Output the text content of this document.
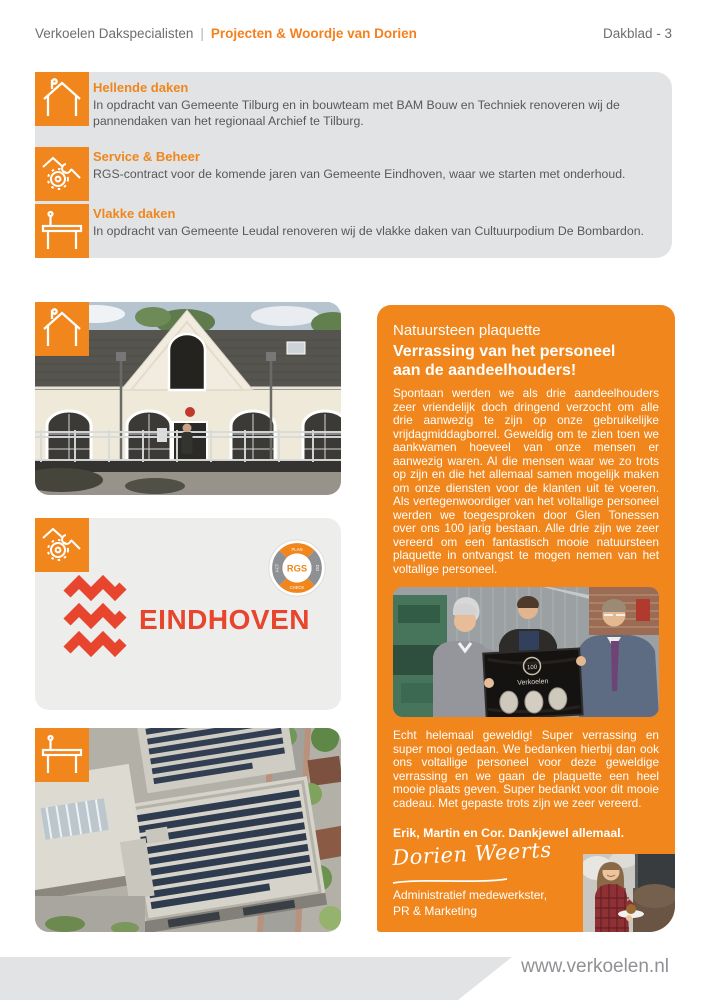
Verkoelen Dakspecialisten | Projecten & Woordje van Dorien	Dakblad - 3
Hellende daken
In opdracht van Gemeente Tilburg en in bouwteam met BAM Bouw en Techniek renoveren wij de pannendaken van het regionaal Archief te Tilburg.
Service & Beheer
RGS-contract voor de komende jaren van Gemeente Eindhoven, waar we starten met onderhoud.
Vlakke daken
In opdracht van Gemeente Leudal renoveren wij de vlakke daken van Cultuurpodium De Bombardon.
EINDHOVEN
RGS
PLAN
DO
CHECK
ACT
Natuursteen plaquette
Verrassing van het personeel
aan de aandeelhouders!
Spontaan werden we als drie aandeelhouders zeer vriendelijk doch dringend verzocht om alle drie aanwezig te zijn op onze gebruikelijke vrijdagmiddagborrel. Geweldig om te zien toen we aankwamen hoeveel van onze mensen er aanwezig waren. Al die mensen waar we zo trots op zijn en die het allemaal samen mogelijk maken om onze diensten voor de klanten uit te voeren. Als vertegenwoordiger van het voltallige personeel werden we toegesproken door Glen Tonessen over ons 100 jarig bestaan. Alle drie zijn we zeer vereerd om een fantastisch mooie natuursteen plaquette in ontvangst te mogen nemen van het voltallige personeel.
100
Verkoelen
Echt helemaal geweldig! Super verrassing en super mooi gedaan. We bedanken hierbij dan ook ons voltallige personeel voor deze geweldige verrassing en we gaan de plaquette een heel mooie plaats geven. Super bedankt voor dit mooie cadeau. Met gepaste trots zijn we zeer vereerd.
Erik, Martin en Cor. Dankjewel allemaal.
Dorien Weerts
Administratief medewerkster,
PR & Marketing
www.verkoelen.nl
